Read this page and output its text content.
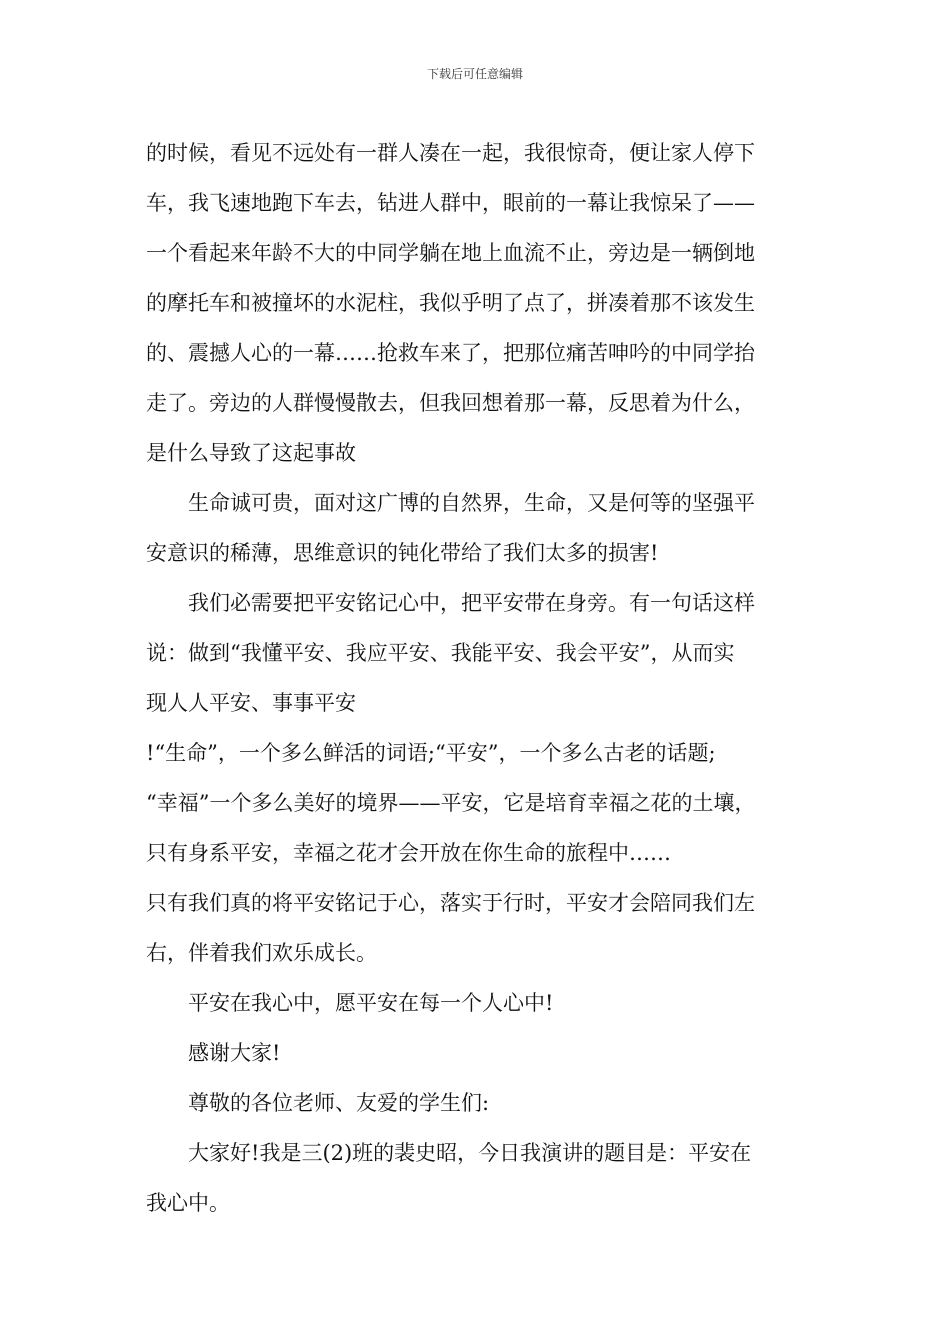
下载后可任意编辑
的时候，看见不远处有一群人凑在一起，我很惊奇，便让家人停下
车，我飞速地跑下车去，钻进人群中，眼前的一幕让我惊呆了——
一个看起来年龄不大的中同学躺在地上血流不止，旁边是一辆倒地
的摩托车和被撞坏的水泥柱，我似乎明了点了，拼凑着那不该发生
的、震撼人心的一幕……抢救车来了，把那位痛苦呻吟的中同学抬
走了。旁边的人群慢慢散去，但我回想着那一幕，反思着为什么，
是什么导致了这起事故
生命诚可贵，面对这广博的自然界，生命，又是何等的坚强平
安意识的稀薄，思维意识的钝化带给了我们太多的损害!
我们必需要把平安铭记心中，把平安带在身旁。有一句话这样
说：做到“我懂平安、我应平安、我能平安、我会平安”，从而实
现人人平安、事事平安
!“生命”，一个多么鲜活的词语;“平安”，一个多么古老的话题;
“幸福”一个多么美好的境界——平安，它是培育幸福之花的土壤，
只有身系平安，幸福之花才会开放在你生命的旅程中……
只有我们真的将平安铭记于心，落实于行时，平安才会陪同我们左
右，伴着我们欢乐成长。
平安在我心中，愿平安在每一个人心中!
感谢大家!
尊敬的各位老师、友爱的学生们:
大家好!我是三(2)班的裴史昭，今日我演讲的题目是：平安在
我心中。
